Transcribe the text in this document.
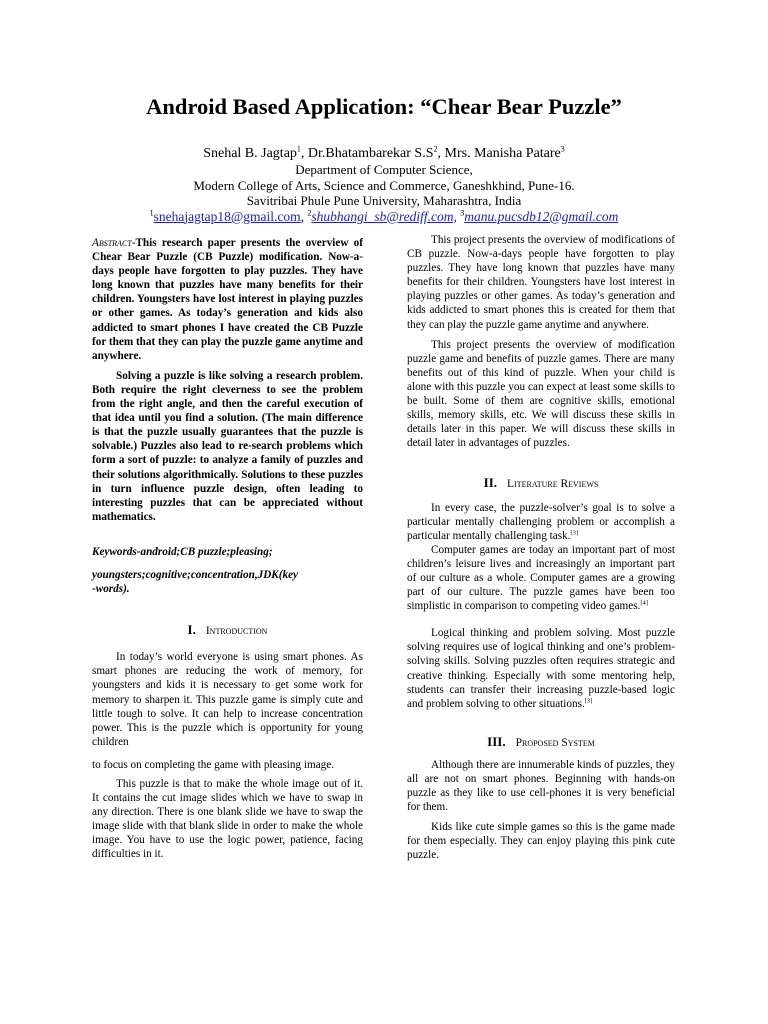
Android Based Application: “Chear Bear Puzzle”
Snehal B. Jagtap$^1$, Dr.Bhatambarekar $S.S^2$, Mrs. Manisha Patare$^3$
Department of Computer Science,
Modern College of Arts, Science and Commerce, Ganeshkhind, Pune-16.
Savitribai Phule Pune University, Maharashtra, India
$^1$snehajagtap18@gmail.com, $^2$shubhangi_sb@rediff.com, $^3$manu.pucsdb12@gmail.com

Abstract-This research paper presents the overview of Chear Bear Puzzle (CB Puzzle) modification. Now-a-days people have forgotten to play puzzles. They have long known that puzzles have many benefits for their children. Youngsters have lost interest in playing puzzles or other games. As today’s generation and kids also addicted to smart phones I have created the CB Puzzle for them that they can play the puzzle game anytime and anywhere.

Solving a puzzle is like solving a research problem. Both require the right cleverness to see the problem from the right angle, and then the careful execution of that idea until you find a solution. (The main difference is that the puzzle usually guarantees that the puzzle is solvable.) Puzzles also lead to re-search problems which form a sort of puzzle: to analyze a family of puzzles and their solutions algorithmically. Solutions to these puzzles in turn influence puzzle design, often leading to interesting puzzles that can be appreciated without mathematics.

Keywords-android;CB puzzle;pleasing;
youngsters;cognitive;concentration,JDK(key
-words).

I. Introduction

In today’s world everyone is using smart phones. As smart phones are reducing the work of memory, for youngsters and kids it is necessary to get some work for memory to sharpen it. This puzzle game is simply cute and little tough to solve. It can help to increase concentration power. This is the puzzle which is opportunity for young children

to focus on completing the game with pleasing image.

This puzzle is that to make the whole image out of it. It contains the cut image slides which we have to swap in any direction. There is one blank slide we have to swap the image slide with that blank slide in order to make the whole image. You have to use the logic power, patience, facing difficulties in it.

This project presents the overview of modifications of CB puzzle. Now-a-days people have forgotten to play puzzles. They have long known that puzzles have many benefits for their children. Youngsters have lost interest in playing puzzles or other games. As today’s generation and kids addicted to smart phones this is created for them that they can play the puzzle game anytime and anywhere.

This project presents the overview of modification puzzle game and benefits of puzzle games. There are many benefits out of this kind of puzzle. When your child is alone with this puzzle you can expect at least some skills to be built. Some of them are cognitive skills, emotional skills, memory skills, etc. We will discuss these skills in details later in this paper. We will discuss these skills in detail later in advantages of puzzles.

II. Literature Reviews

In every case, the puzzle-solver’s goal is to solve a particular mentally challenging problem or accomplish a particular mentally challenging task.[3]

Computer games are today an important part of most children’s leisure lives and increasingly an important part of our culture as a whole. Computer games are a growing part of our culture. The puzzle games have been too simplistic in comparison to competing video games.[4]

Logical thinking and problem solving. Most puzzle solving requires use of logical thinking and one’s problem-solving skills. Solving puzzles often requires strategic and creative thinking. Especially with some mentoring help, students can transfer their increasing puzzle-based logic and problem solving to other situations.[3]

III. Proposed System

Although there are innumerable kinds of puzzles, they all are not on smart phones. Beginning with hands-on puzzle as they like to use cell-phones it is very beneficial for them.

Kids like cute simple games so this is the game made for them especially. They can enjoy playing this pink cute puzzle.
